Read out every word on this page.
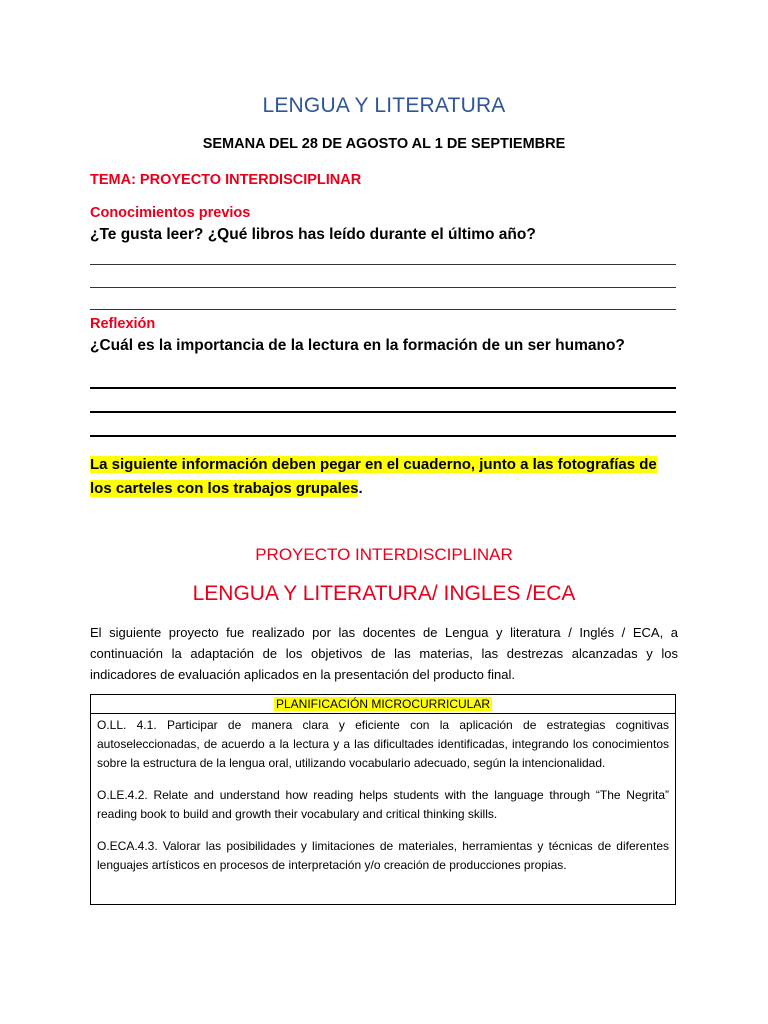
LENGUA Y LITERATURA
SEMANA DEL 28 DE AGOSTO AL 1 DE SEPTIEMBRE
TEMA: PROYECTO INTERDISCIPLINAR
Conocimientos previos
¿Te gusta leer? ¿Qué libros has leído durante el último año?
Reflexión
¿Cuál es la importancia de la lectura en la formación de un ser humano?
La siguiente información deben pegar en el cuaderno, junto a las fotografías de los carteles con los trabajos grupales.
PROYECTO INTERDISCIPLINAR
LENGUA Y LITERATURA/ INGLES /ECA
El siguiente proyecto fue realizado por las docentes de Lengua y literatura / Inglés / ECA, a continuación la adaptación de los objetivos de las materias, las destrezas alcanzadas y los indicadores de evaluación aplicados en la presentación del producto final.
PLANIFICACIÓN MICROCURRICULAR

O.LL. 4.1. Participar de manera clara y eficiente con la aplicación de estrategias cognitivas autoseleccionadas, de acuerdo a la lectura y a las dificultades identificadas, integrando los conocimientos sobre la estructura de la lengua oral, utilizando vocabulario adecuado, según la intencionalidad.

O.LE.4.2. Relate and understand how reading helps students with the language through “The Negrita” reading book to build and growth their vocabulary and critical thinking skills.

O.ECA.4.3. Valorar las posibilidades y limitaciones de materiales, herramientas y técnicas de diferentes lenguajes artísticos en procesos de interpretación y/o creación de producciones propias.
